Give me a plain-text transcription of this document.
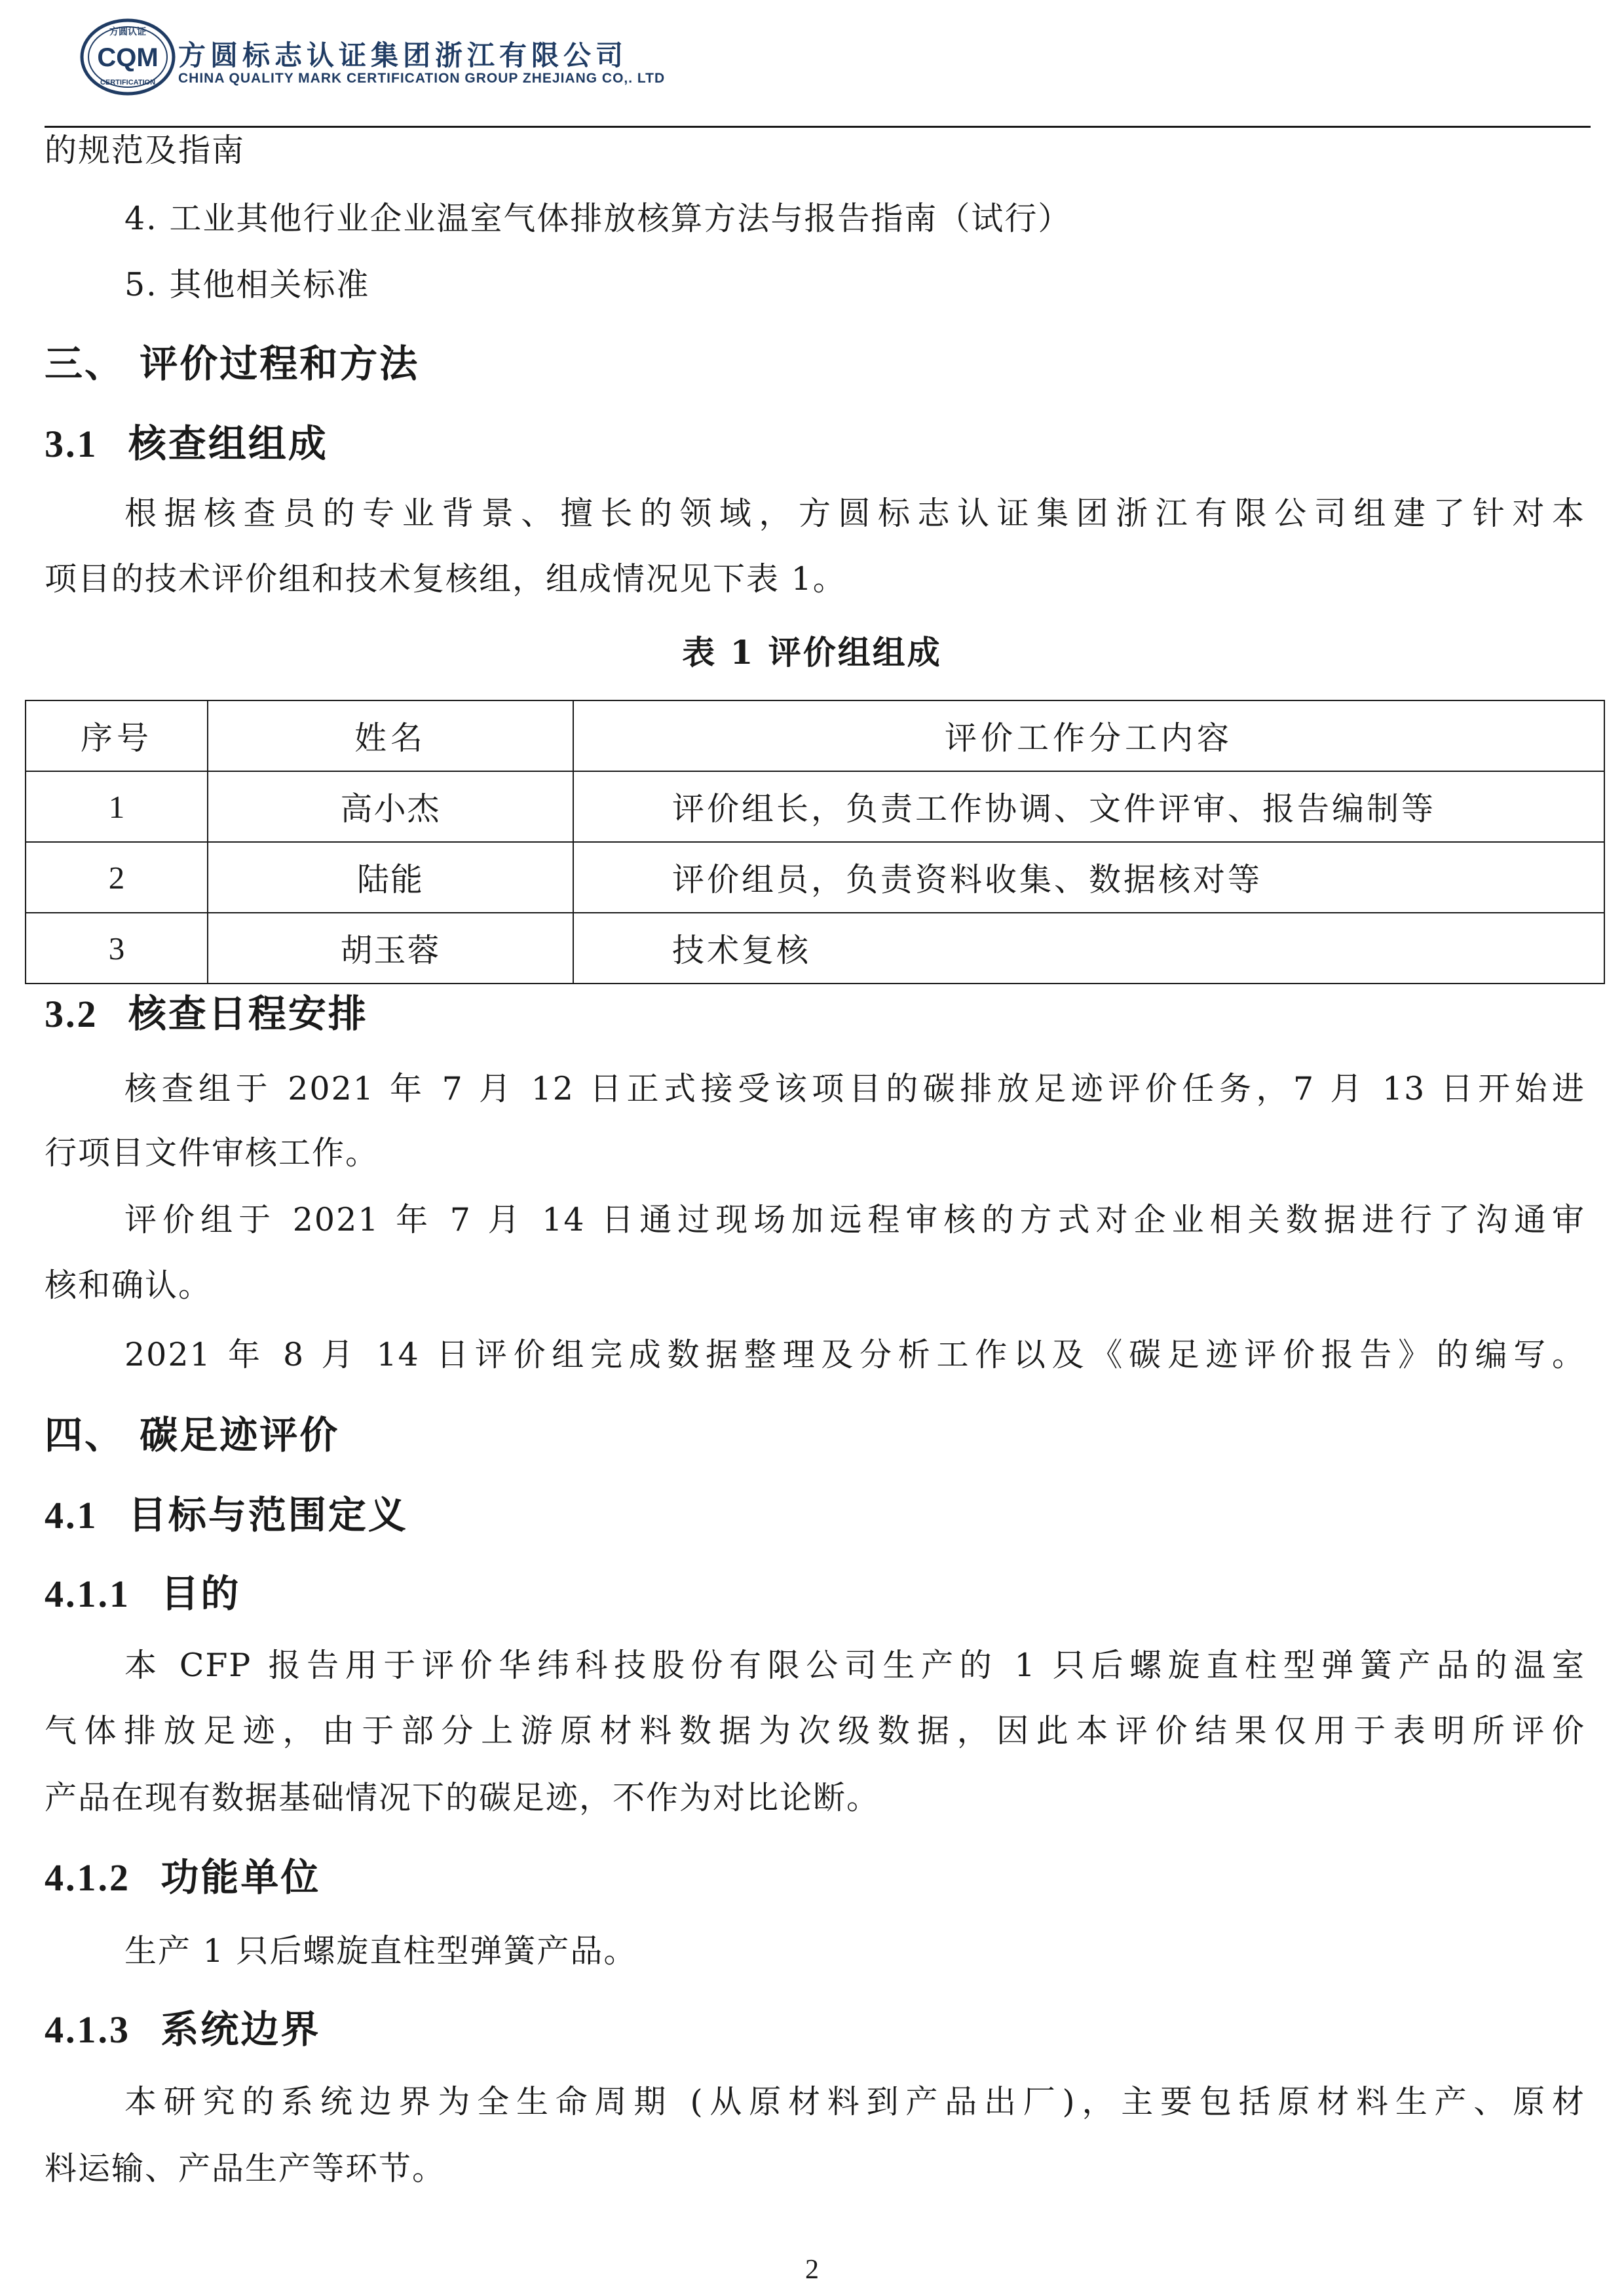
方圆认证
CQM
CERTIFICATION
方圆标志认证集团浙江有限公司
CHINA QUALITY MARK CERTIFICATION GROUP ZHEJIANG CO,. LTD
的规范及指南
4. 工业其他行业企业温室气体排放核算方法与报告指南（试行）
5. 其他相关标准
三、 评价过程和方法
3.1 核查组组成
根据核查员的专业背景、擅长的领域，方圆标志认证集团浙江有限公司组建了针对本
项目的技术评价组和技术复核组，组成情况见下表 1。
表 1 评价组组成
序号	姓名	评价工作分工内容
1	高小杰	评价组长，负责工作协调、文件评审、报告编制等
2	陆能	评价组员，负责资料收集、数据核对等
3	胡玉蓉	技术复核
3.2 核查日程安排
核查组于 2021 年 7 月 12 日正式接受该项目的碳排放足迹评价任务，7 月 13 日开始进
行项目文件审核工作。
评价组于 2021 年 7 月 14 日通过现场加远程审核的方式对企业相关数据进行了沟通审
核和确认。
2021 年 8 月 14 日评价组完成数据整理及分析工作以及《碳足迹评价报告》的编写。
四、 碳足迹评价
4.1 目标与范围定义
4.1.1 目的
本 CFP 报告用于评价华纬科技股份有限公司生产的 1 只后螺旋直柱型弹簧产品的温室
气体排放足迹，由于部分上游原材料数据为次级数据，因此本评价结果仅用于表明所评价
产品在现有数据基础情况下的碳足迹，不作为对比论断。
4.1.2 功能单位
生产 1 只后螺旋直柱型弹簧产品。
4.1.3 系统边界
本研究的系统边界为全生命周期 (从原材料到产品出厂)，主要包括原材料生产、原材
料运输、产品生产等环节。
2
